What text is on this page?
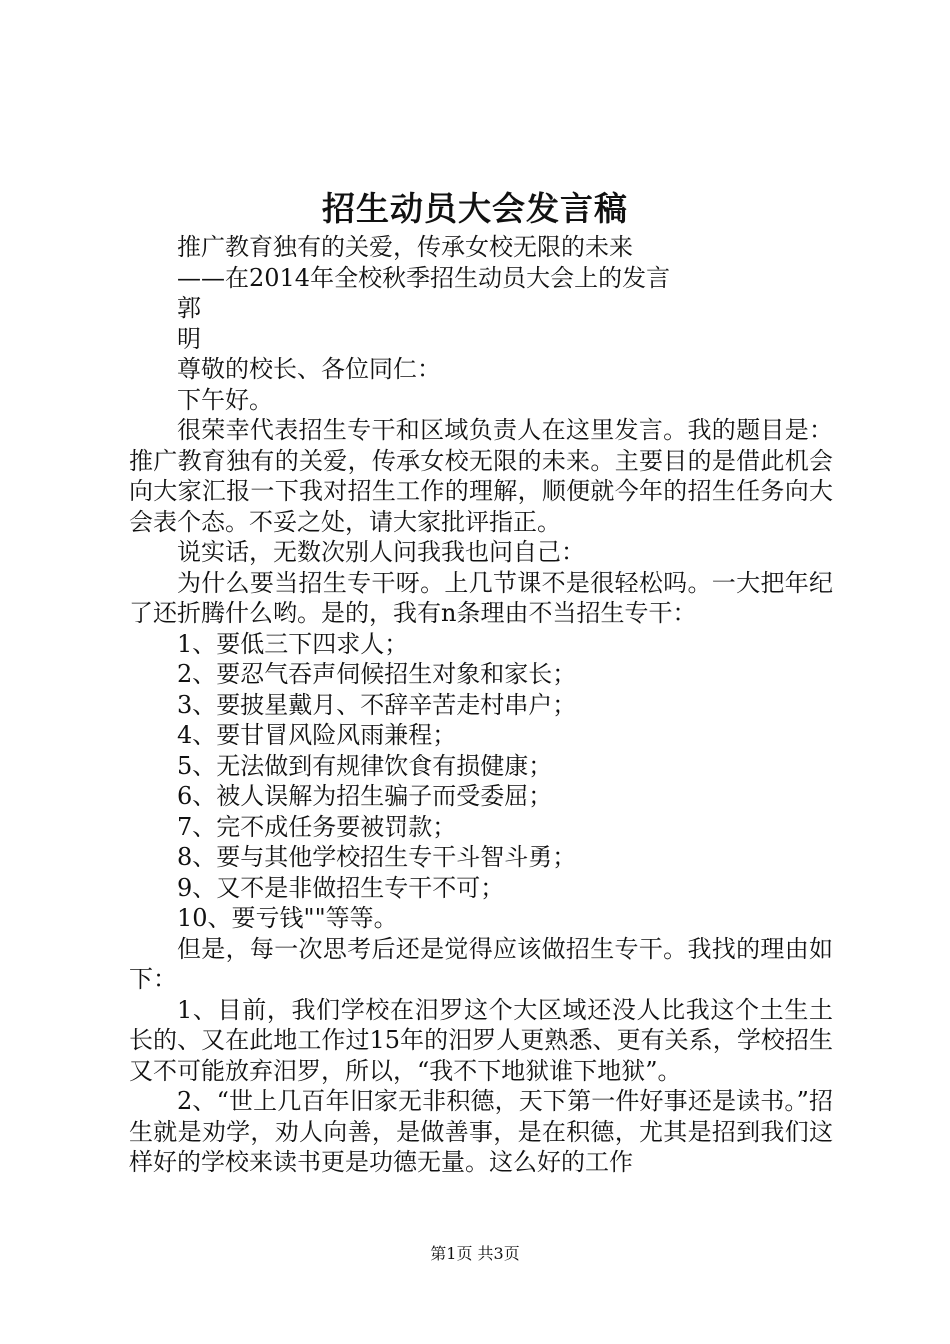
招生动员大会发言稿

推广教育独有的关爱，传承女校无限的未来

——在2014年全校秋季招生动员大会上的发言

郭

明

尊敬的校长、各位同仁：

下午好。

很荣幸代表招生专干和区域负责人在这里发言。我的题目是：推广教育独有的关爱，传承女校无限的未来。主要目的是借此机会向大家汇报一下我对招生工作的理解，顺便就今年的招生任务向大会表个态。不妥之处，请大家批评指正。

说实话，无数次别人问我我也问自己：

为什么要当招生专干呀。上几节课不是很轻松吗。一大把年纪了还折腾什么哟。是的，我有n条理由不当招生专干：

1、要低三下四求人；

2、要忍气吞声伺候招生对象和家长；

3、要披星戴月、不辞辛苦走村串户；

4、要甘冒风险风雨兼程；

5、无法做到有规律饮食有损健康；

6、被人误解为招生骗子而受委屈；

7、完不成任务要被罚款；

8、要与其他学校招生专干斗智斗勇；

9、又不是非做招生专干不可；

10、要亏钱""等等。

但是，每一次思考后还是觉得应该做招生专干。我找的理由如下：

1、目前，我们学校在汨罗这个大区域还没人比我这个土生土长的、又在此地工作过15年的汨罗人更熟悉、更有关系，学校招生又不可能放弃汨罗，所以，“我不下地狱谁下地狱”。

2、“世上几百年旧家无非积德，天下第一件好事还是读书。”招生就是劝学，劝人向善，是做善事，是在积德，尤其是招到我们这样好的学校来读书更是功德无量。这么好的工作

第1页 共3页
